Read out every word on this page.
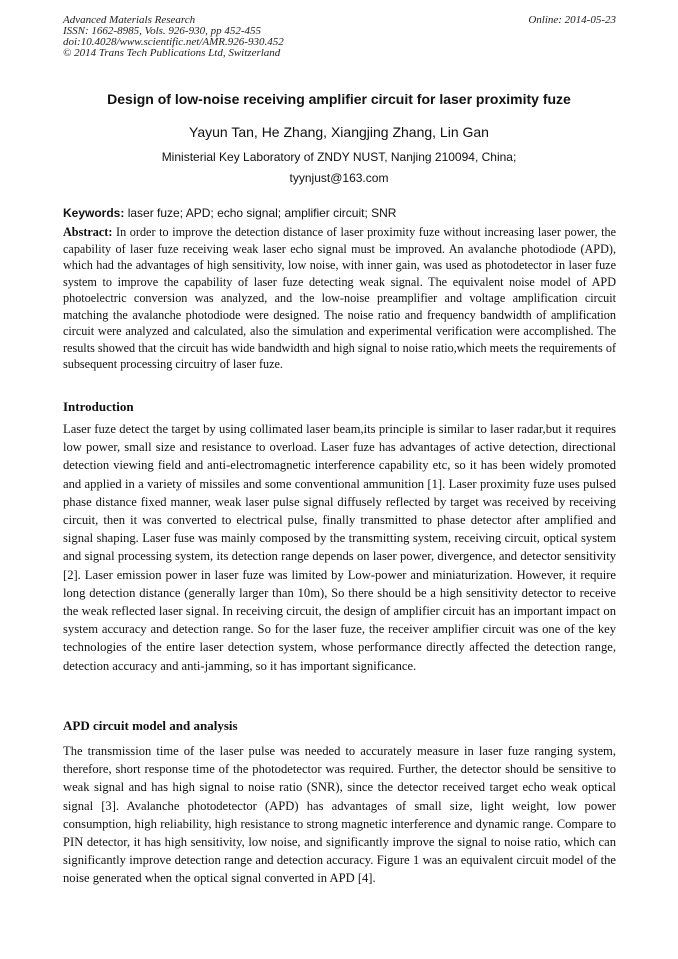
Advanced Materials Research
ISSN: 1662-8985, Vols. 926-930, pp 452-455
doi:10.4028/www.scientific.net/AMR.926-930.452
© 2014 Trans Tech Publications Ltd, Switzerland
Online: 2014-05-23
Design of low-noise receiving amplifier circuit for laser proximity fuze
Yayun Tan, He Zhang, Xiangjing Zhang, Lin Gan
Ministerial Key Laboratory of ZNDY NUST, Nanjing 210094, China;
tyynjust@163.com
Keywords: laser fuze; APD; echo signal; amplifier circuit; SNR
Abstract: In order to improve the detection distance of laser proximity fuze without increasing laser power, the capability of laser fuze receiving weak laser echo signal must be improved. An avalanche photodiode (APD), which had the advantages of high sensitivity, low noise, with inner gain, was used as photodetector in laser fuze system to improve the capability of laser fuze detecting weak signal. The equivalent noise model of APD photoelectric conversion was analyzed, and the low-noise preamplifier and voltage amplification circuit matching the avalanche photodiode were designed. The noise ratio and frequency bandwidth of amplification circuit were analyzed and calculated, also the simulation and experimental verification were accomplished. The results showed that the circuit has wide bandwidth and high signal to noise ratio,which meets the requirements of subsequent processing circuitry of laser fuze.
Introduction
Laser fuze detect the target by using collimated laser beam,its principle is similar to laser radar,but it requires low power, small size and resistance to overload. Laser fuze has advantages of active detection, directional detection viewing field and anti-electromagnetic interference capability etc, so it has been widely promoted and applied in a variety of missiles and some conventional ammunition [1]. Laser proximity fuze uses pulsed phase distance fixed manner, weak laser pulse signal diffusely reflected by target was received by receiving circuit, then it was converted to electrical pulse, finally transmitted to phase detector after amplified and signal shaping. Laser fuse was mainly composed by the transmitting system, receiving circuit, optical system and signal processing system, its detection range depends on laser power, divergence, and detector sensitivity [2]. Laser emission power in laser fuze was limited by Low-power and miniaturization. However, it require long detection distance (generally larger than 10m), So there should be a high sensitivity detector to receive the weak reflected laser signal. In receiving circuit, the design of amplifier circuit has an important impact on system accuracy and detection range. So for the laser fuze, the receiver amplifier circuit was one of the key technologies of the entire laser detection system, whose performance directly affected the detection range, detection accuracy and anti-jamming, so it has important significance.
APD circuit model and analysis
The transmission time of the laser pulse was needed to accurately measure in laser fuze ranging system, therefore, short response time of the photodetector was required. Further, the detector should be sensitive to weak signal and has high signal to noise ratio (SNR), since the detector received target echo weak optical signal [3]. Avalanche photodetector (APD) has advantages of small size, light weight, low power consumption, high reliability, high resistance to strong magnetic interference and dynamic range. Compare to PIN detector, it has high sensitivity, low noise, and significantly improve the signal to noise ratio, which can significantly improve detection range and detection accuracy. Figure 1 was an equivalent circuit model of the noise generated when the optical signal converted in APD [4].
